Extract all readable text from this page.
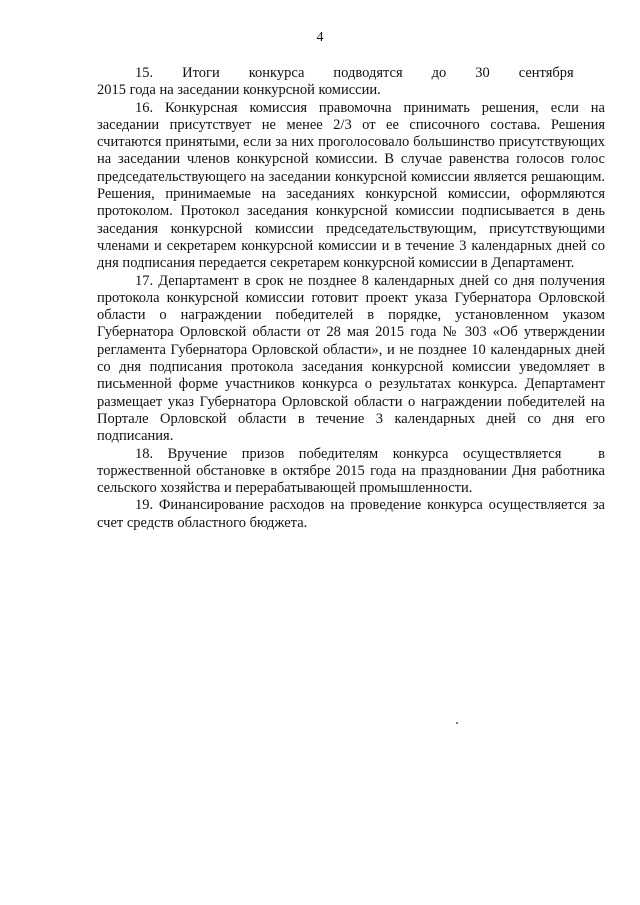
4

15.  Итоги  конкурса  подводятся  до  30  сентября 2015 года на заседании конкурсной комиссии.

16. Конкурсная комиссия правомочна принимать решения, если на заседании присутствует не менее 2/3 от ее списочного состава. Решения считаются принятыми, если за них проголосовало большинство присутствующих на заседании членов конкурсной комиссии. В случае равенства голосов голос председательствующего на заседании конкурсной комиссии является решающим. Решения, принимаемые на заседаниях конкурсной комиссии, оформляются протоколом. Протокол заседания конкурсной комиссии подписывается в день заседания конкурсной комиссии председательствующим, присутствующими членами и секретарем конкурсной комиссии и в течение 3 календарных дней со дня подписания передается секретарем конкурсной комиссии в Департамент.

17. Департамент в срок не позднее 8 календарных дней со дня получения протокола конкурсной комиссии готовит проект указа Губернатора Орловской области о награждении победителей в порядке, установленном указом Губернатора Орловской области от 28 мая 2015 года № 303 «Об утверждении регламента Губернатора Орловской области», и не позднее 10 календарных дней со дня подписания протокола заседания конкурсной комиссии уведомляет в письменной форме участников конкурса о результатах конкурса. Департамент размещает указ Губернатора Орловской области о награждении победителей на Портале Орловской области в течение 3 календарных дней со дня его подписания.

18. Вручение призов победителям конкурса осуществляется в торжественной обстановке в октябре 2015 года на праздновании Дня работника сельского хозяйства и перерабатывающей промышленности.

19. Финансирование расходов на проведение конкурса осуществляется за счет средств областного бюджета.
